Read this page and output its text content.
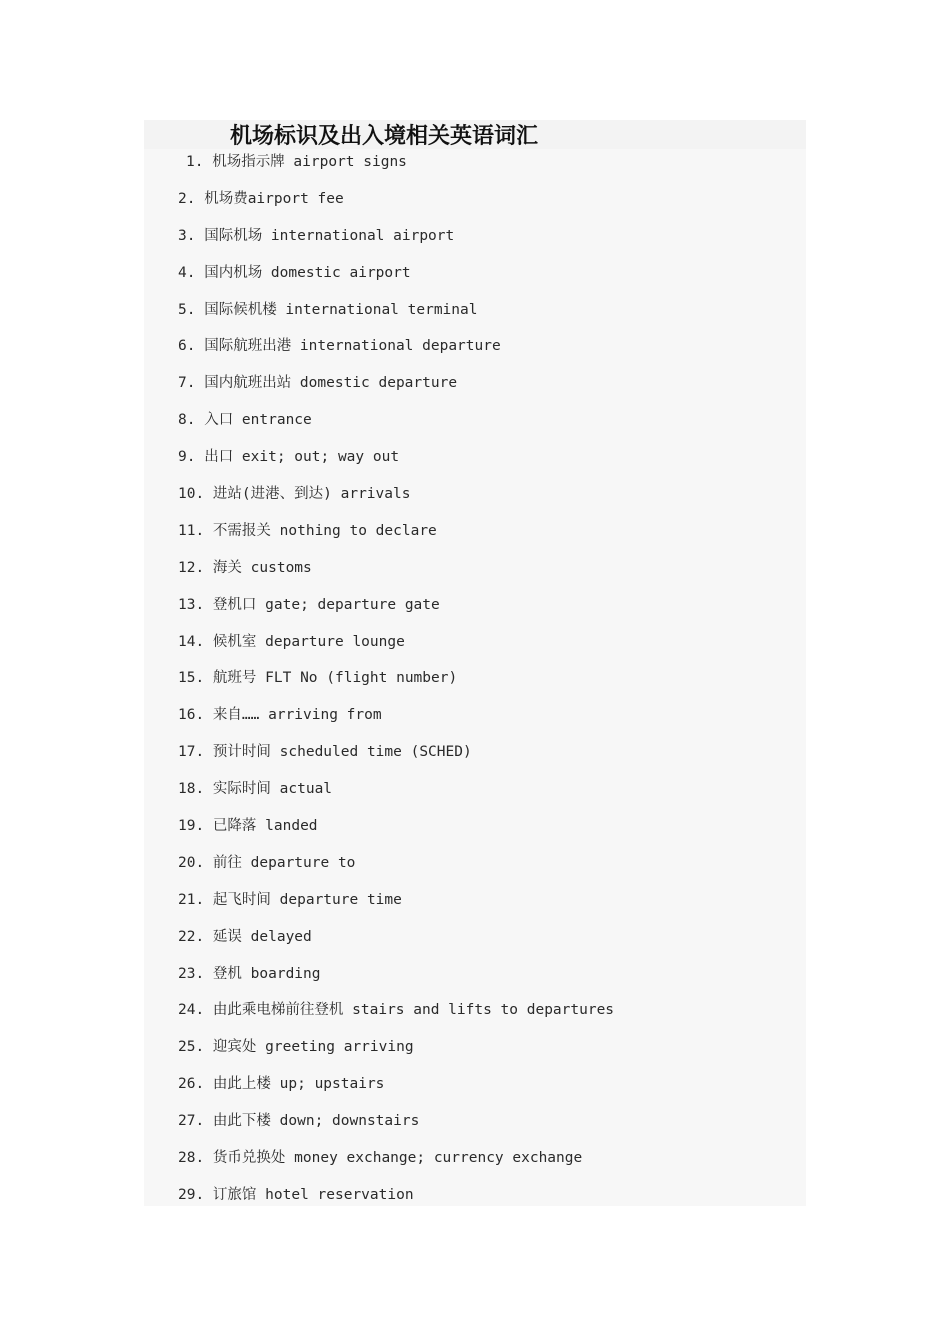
机场标识及出入境相关英语词汇
1. 机场指示牌 airport signs
2. 机场费airport fee
3. 国际机场 international airport
4. 国内机场 domestic airport
5. 国际候机楼 international terminal
6. 国际航班出港 international departure
7. 国内航班出站 domestic departure
8. 入口 entrance
9. 出口 exit; out; way out
10. 进站(进港、到达) arrivals
11. 不需报关 nothing to declare
12. 海关 customs
13. 登机口 gate; departure gate
14. 候机室 departure lounge
15. 航班号 FLT No (flight number)
16. 来自…… arriving from
17. 预计时间 scheduled time (SCHED)
18. 实际时间 actual
19. 已降落 landed
20. 前往 departure to
21. 起飞时间 departure time
22. 延误 delayed
23. 登机 boarding
24. 由此乘电梯前往登机 stairs and lifts to departures
25. 迎宾处 greeting arriving
26. 由此上楼 up; upstairs
27. 由此下楼 down; downstairs
28. 货币兑换处 money exchange; currency exchange
29. 订旅馆 hotel reservation
